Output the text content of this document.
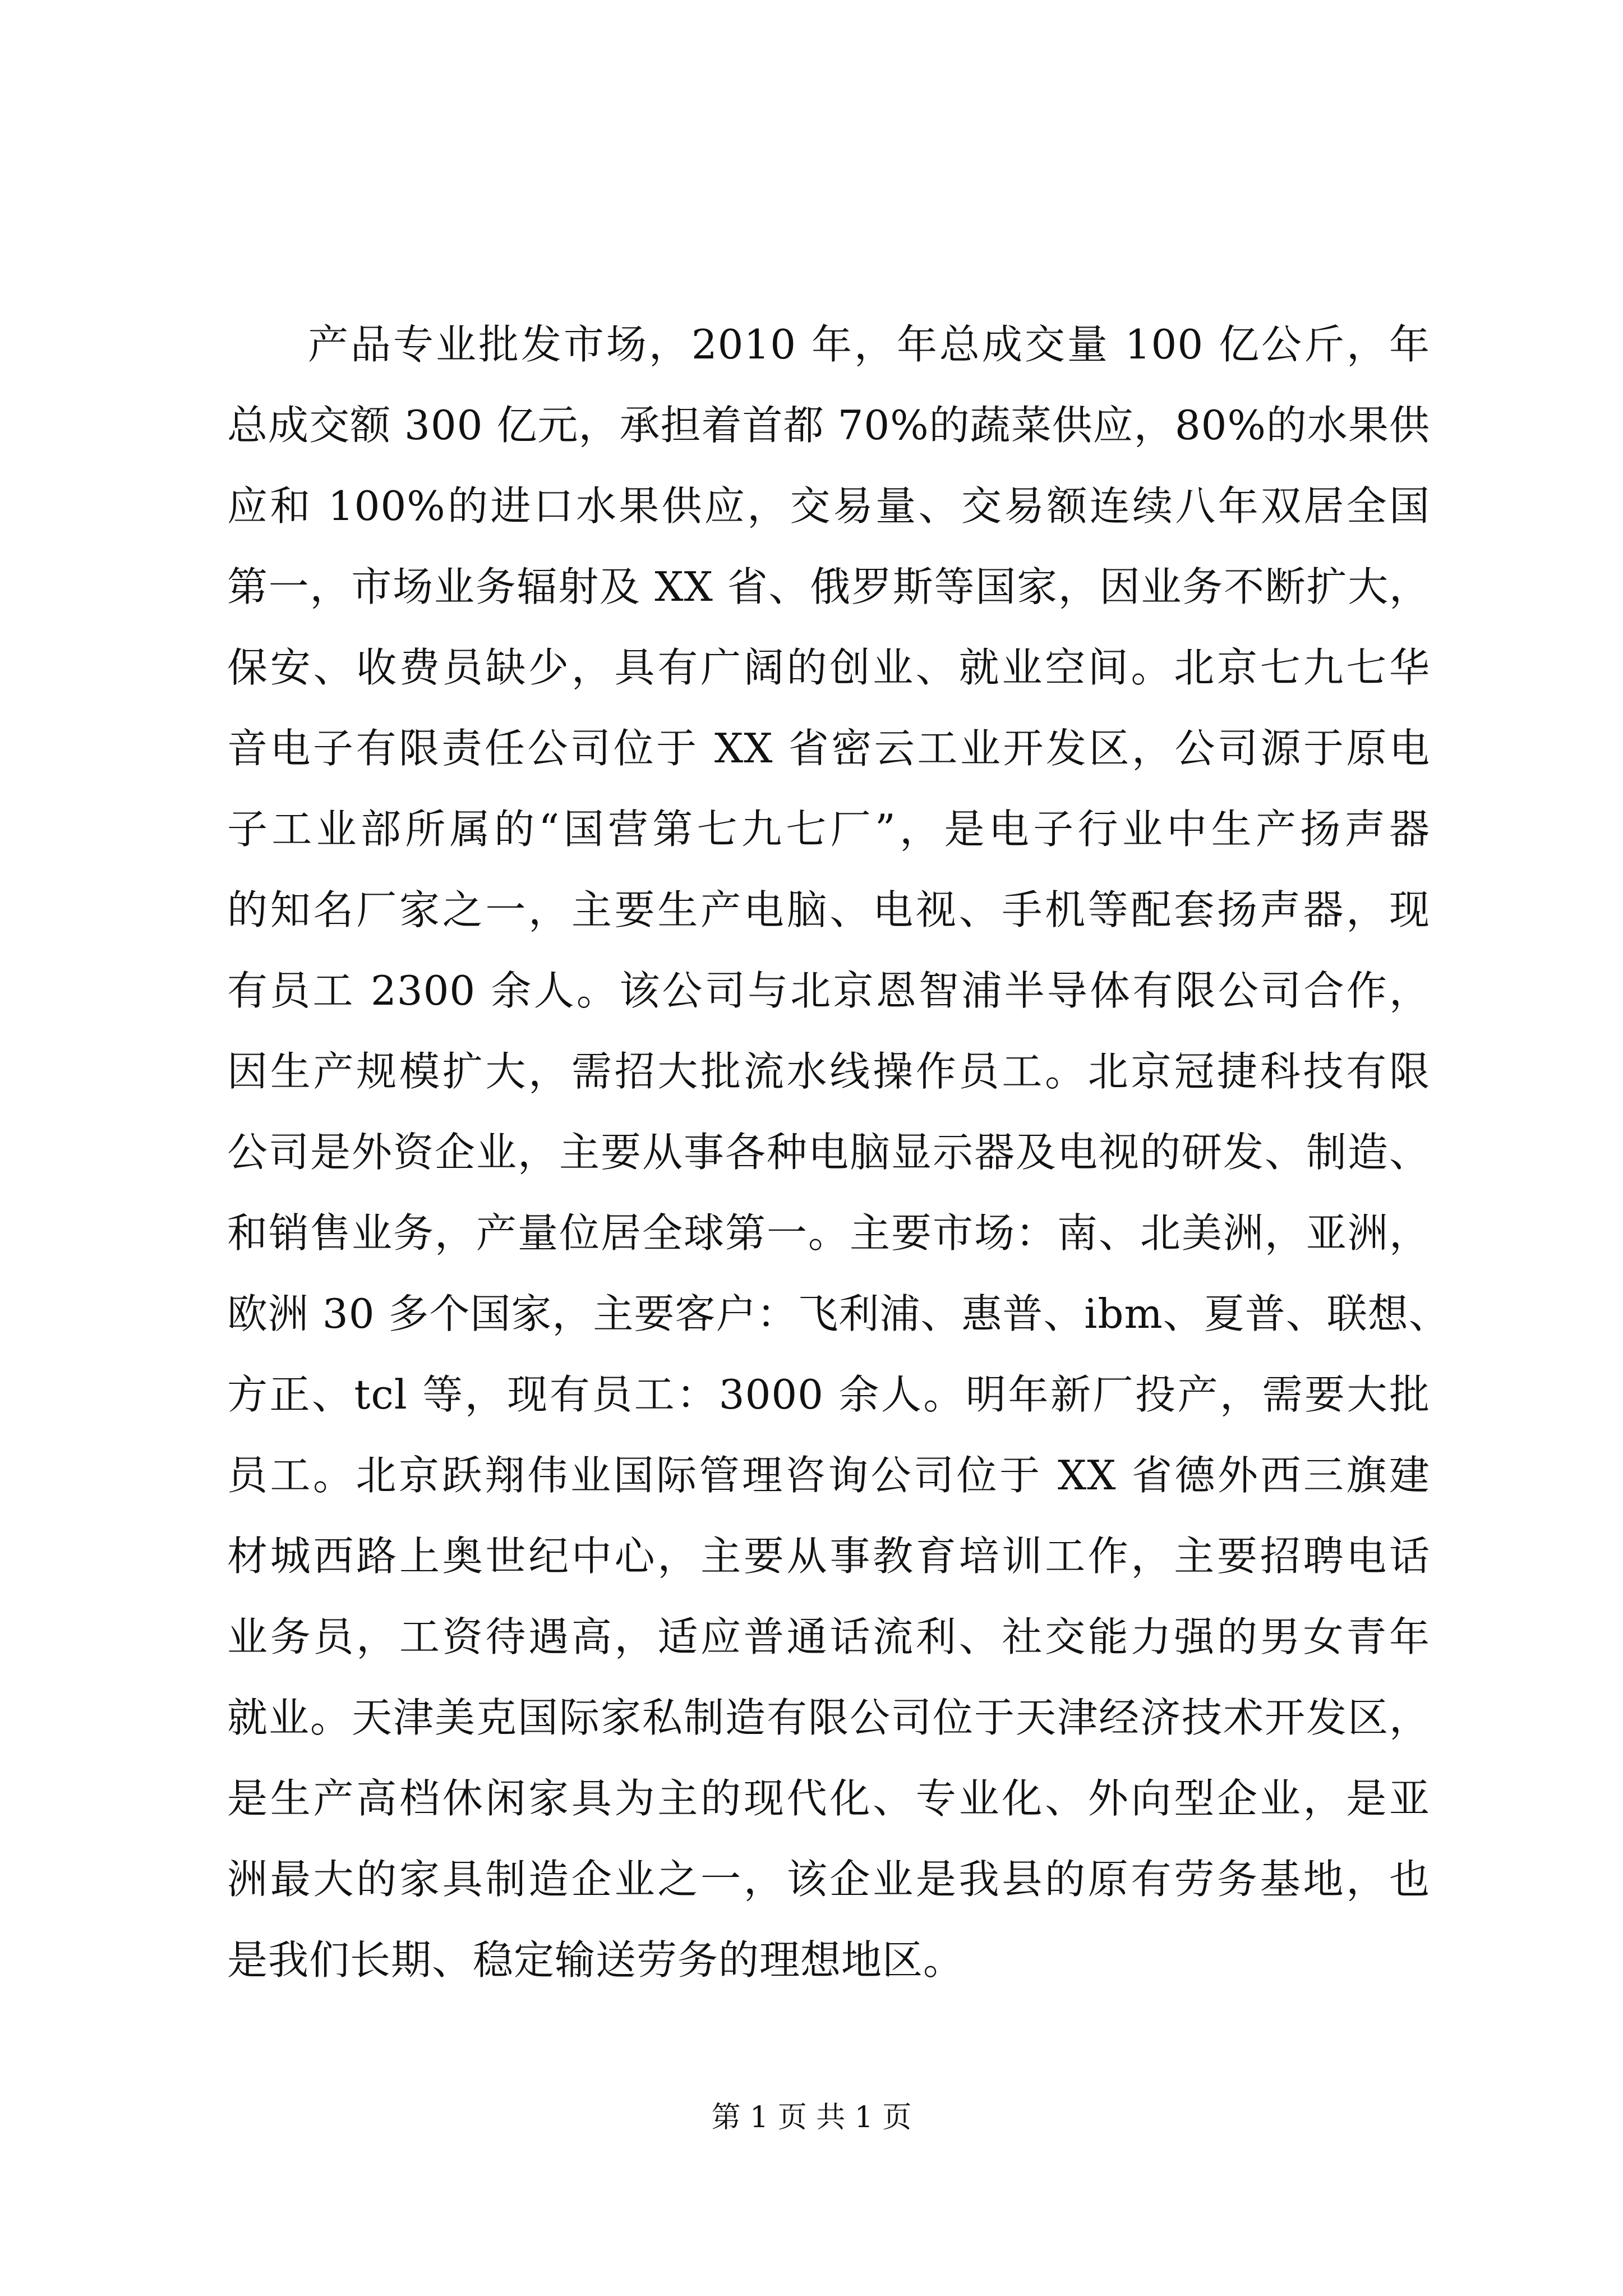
产品专业批发市场，2010 年，年总成交量 100 亿公斤，年
总成交额 300 亿元，承担着首都 70%的蔬菜供应，80%的水果供
应和 100%的进口水果供应，交易量、交易额连续八年双居全国
第一，市场业务辐射及 XX 省、俄罗斯等国家，因业务不断扩大，
保安、收费员缺少，具有广阔的创业、就业空间。北京七九七华
音电子有限责任公司位于 XX 省密云工业开发区，公司源于原电
子工业部所属的“国营第七九七厂”，是电子行业中生产扬声器
的知名厂家之一，主要生产电脑、电视、手机等配套扬声器，现
有员工 2300 余人。该公司与北京恩智浦半导体有限公司合作，
因生产规模扩大，需招大批流水线操作员工。北京冠捷科技有限
公司是外资企业，主要从事各种电脑显示器及电视的研发、制造、
和销售业务，产量位居全球第一。主要市场：南、北美洲，亚洲，
欧洲 30 多个国家，主要客户：飞利浦、惠普、ibm、夏普、联想、
方正、tcl 等，现有员工：3000 余人。明年新厂投产，需要大批
员工。北京跃翔伟业国际管理咨询公司位于 XX 省德外西三旗建
材城西路上奥世纪中心，主要从事教育培训工作，主要招聘电话
业务员，工资待遇高，适应普通话流利、社交能力强的男女青年
就业。天津美克国际家私制造有限公司位于天津经济技术开发区，
是生产高档休闲家具为主的现代化、专业化、外向型企业，是亚
洲最大的家具制造企业之一，该企业是我县的原有劳务基地，也
是我们长期、稳定输送劳务的理想地区。
第 1 页 共 1 页
